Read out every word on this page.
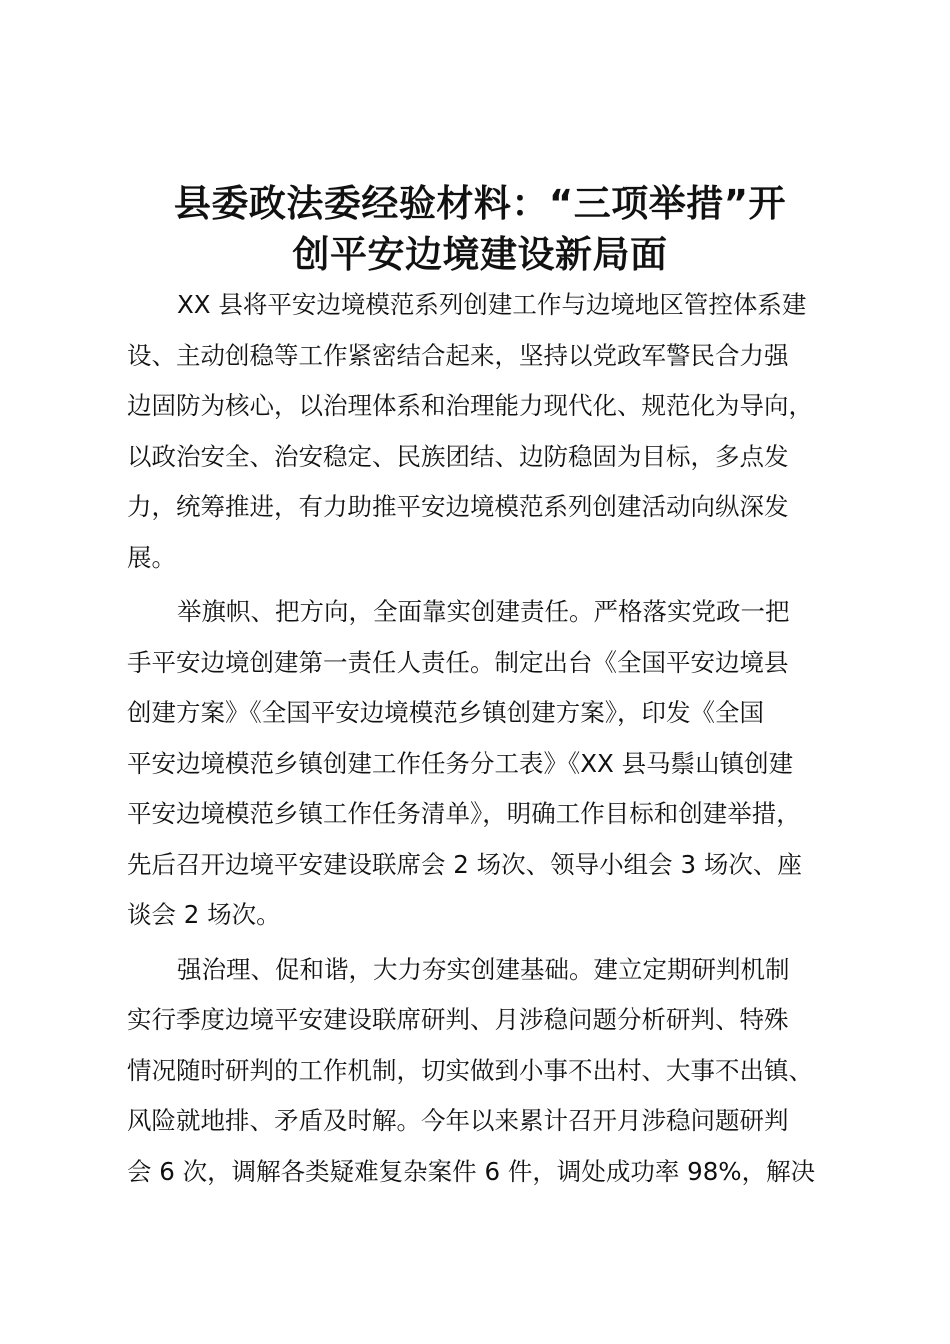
县委政法委经验材料：“三项举措”开
创平安边境建设新局面

XX 县将平安边境模范系列创建工作与边境地区管控体系建
设、主动创稳等工作紧密结合起来，坚持以党政军警民合力强
边固防为核心，以治理体系和治理能力现代化、规范化为导向，
以政治安全、治安稳定、民族团结、边防稳固为目标，多点发
力，统筹推进，有力助推平安边境模范系列创建活动向纵深发
展。

举旗帜、把方向，全面靠实创建责任。严格落实党政一把
手平安边境创建第一责任人责任。制定出台《全国平安边境县
创建方案》《全国平安边境模范乡镇创建方案》，印发《全国
平安边境模范乡镇创建工作任务分工表》《XX 县马鬃山镇创建
平安边境模范乡镇工作任务清单》，明确工作目标和创建举措，
先后召开边境平安建设联席会 2 场次、领导小组会 3 场次、座
谈会 2 场次。

强治理、促和谐，大力夯实创建基础。建立定期研判机制
实行季度边境平安建设联席研判、月涉稳问题分析研判、特殊
情况随时研判的工作机制，切实做到小事不出村、大事不出镇、
风险就地排、矛盾及时解。今年以来累计召开月涉稳问题研判
会 6 次，调解各类疑难复杂案件 6 件，调处成功率 98%，解决
